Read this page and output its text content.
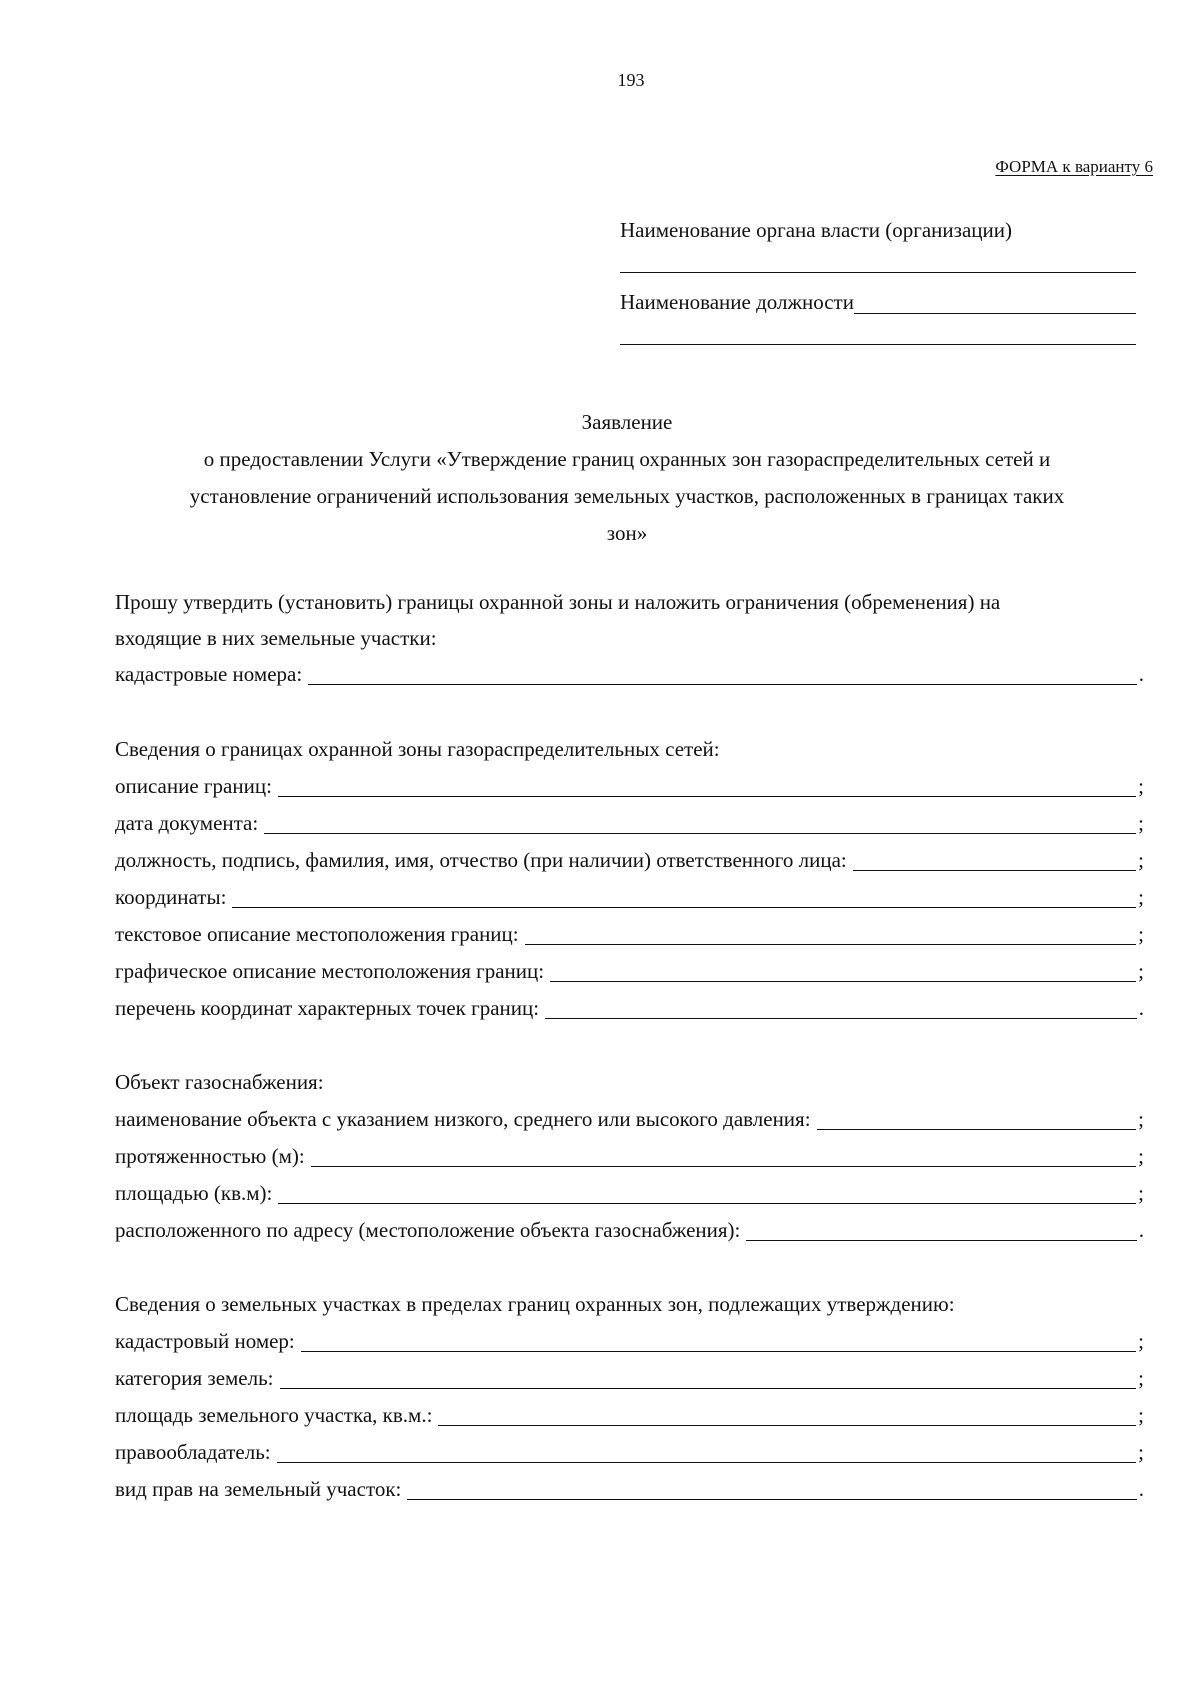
193
ФОРМА к варианту 6
Наименование органа власти (организации)
Наименование должности
Заявление
о предоставлении Услуги «Утверждение границ охранных зон газораспределительных сетей и
установление ограничений использования земельных участков, расположенных в границах таких
зон»
Прошу утвердить (установить) границы охранной зоны и наложить ограничения (обременения) на
входящие в них земельные участки:
кадастровые номера:	.
Сведения о границах охранной зоны газораспределительных сетей:
описание границ:	;
дата документа:	;
должность, подпись, фамилия, имя, отчество (при наличии) ответственного лица:	;
координаты:	;
текстовое описание местоположения границ:	;
графическое описание местоположения границ:	;
перечень координат характерных точек границ:	.
Объект газоснабжения:
наименование объекта с указанием низкого, среднего или высокого давления:	;
протяженностью (м):	;
площадью (кв.м):	;
расположенного по адресу (местоположение объекта газоснабжения):	.
Сведения о земельных участках в пределах границ охранных зон, подлежащих утверждению:
кадастровый номер:	;
категория земель:	;
площадь земельного участка, кв.м.:	;
правообладатель:	;
вид прав на земельный участок:	.
